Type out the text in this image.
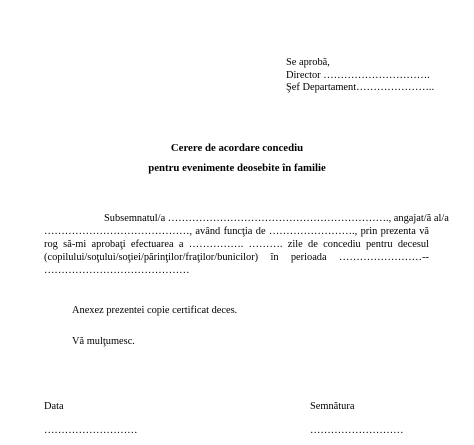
Se aprobă,

Director ………………………….

Şef Departament…………………..

Cerere de acordare concediu

pentru evenimente deosebite în familie

Subsemnatul/a ………………………………………………………., angajat/ă al/a

……………………………………, având funcţia de ……………………., prin prezenta vă

rog să-mi aprobaţi efectuarea a ……………. ………. zile de concediu pentru decesul

(copilului/soţului/soţiei/părinţilor/fraţilor/bunicilor) în perioada ……………………--

……………………………………

Anexez prezentei copie certificat deces.

Vă mulţumesc.

Data

………………………

Semnătura

………………………
